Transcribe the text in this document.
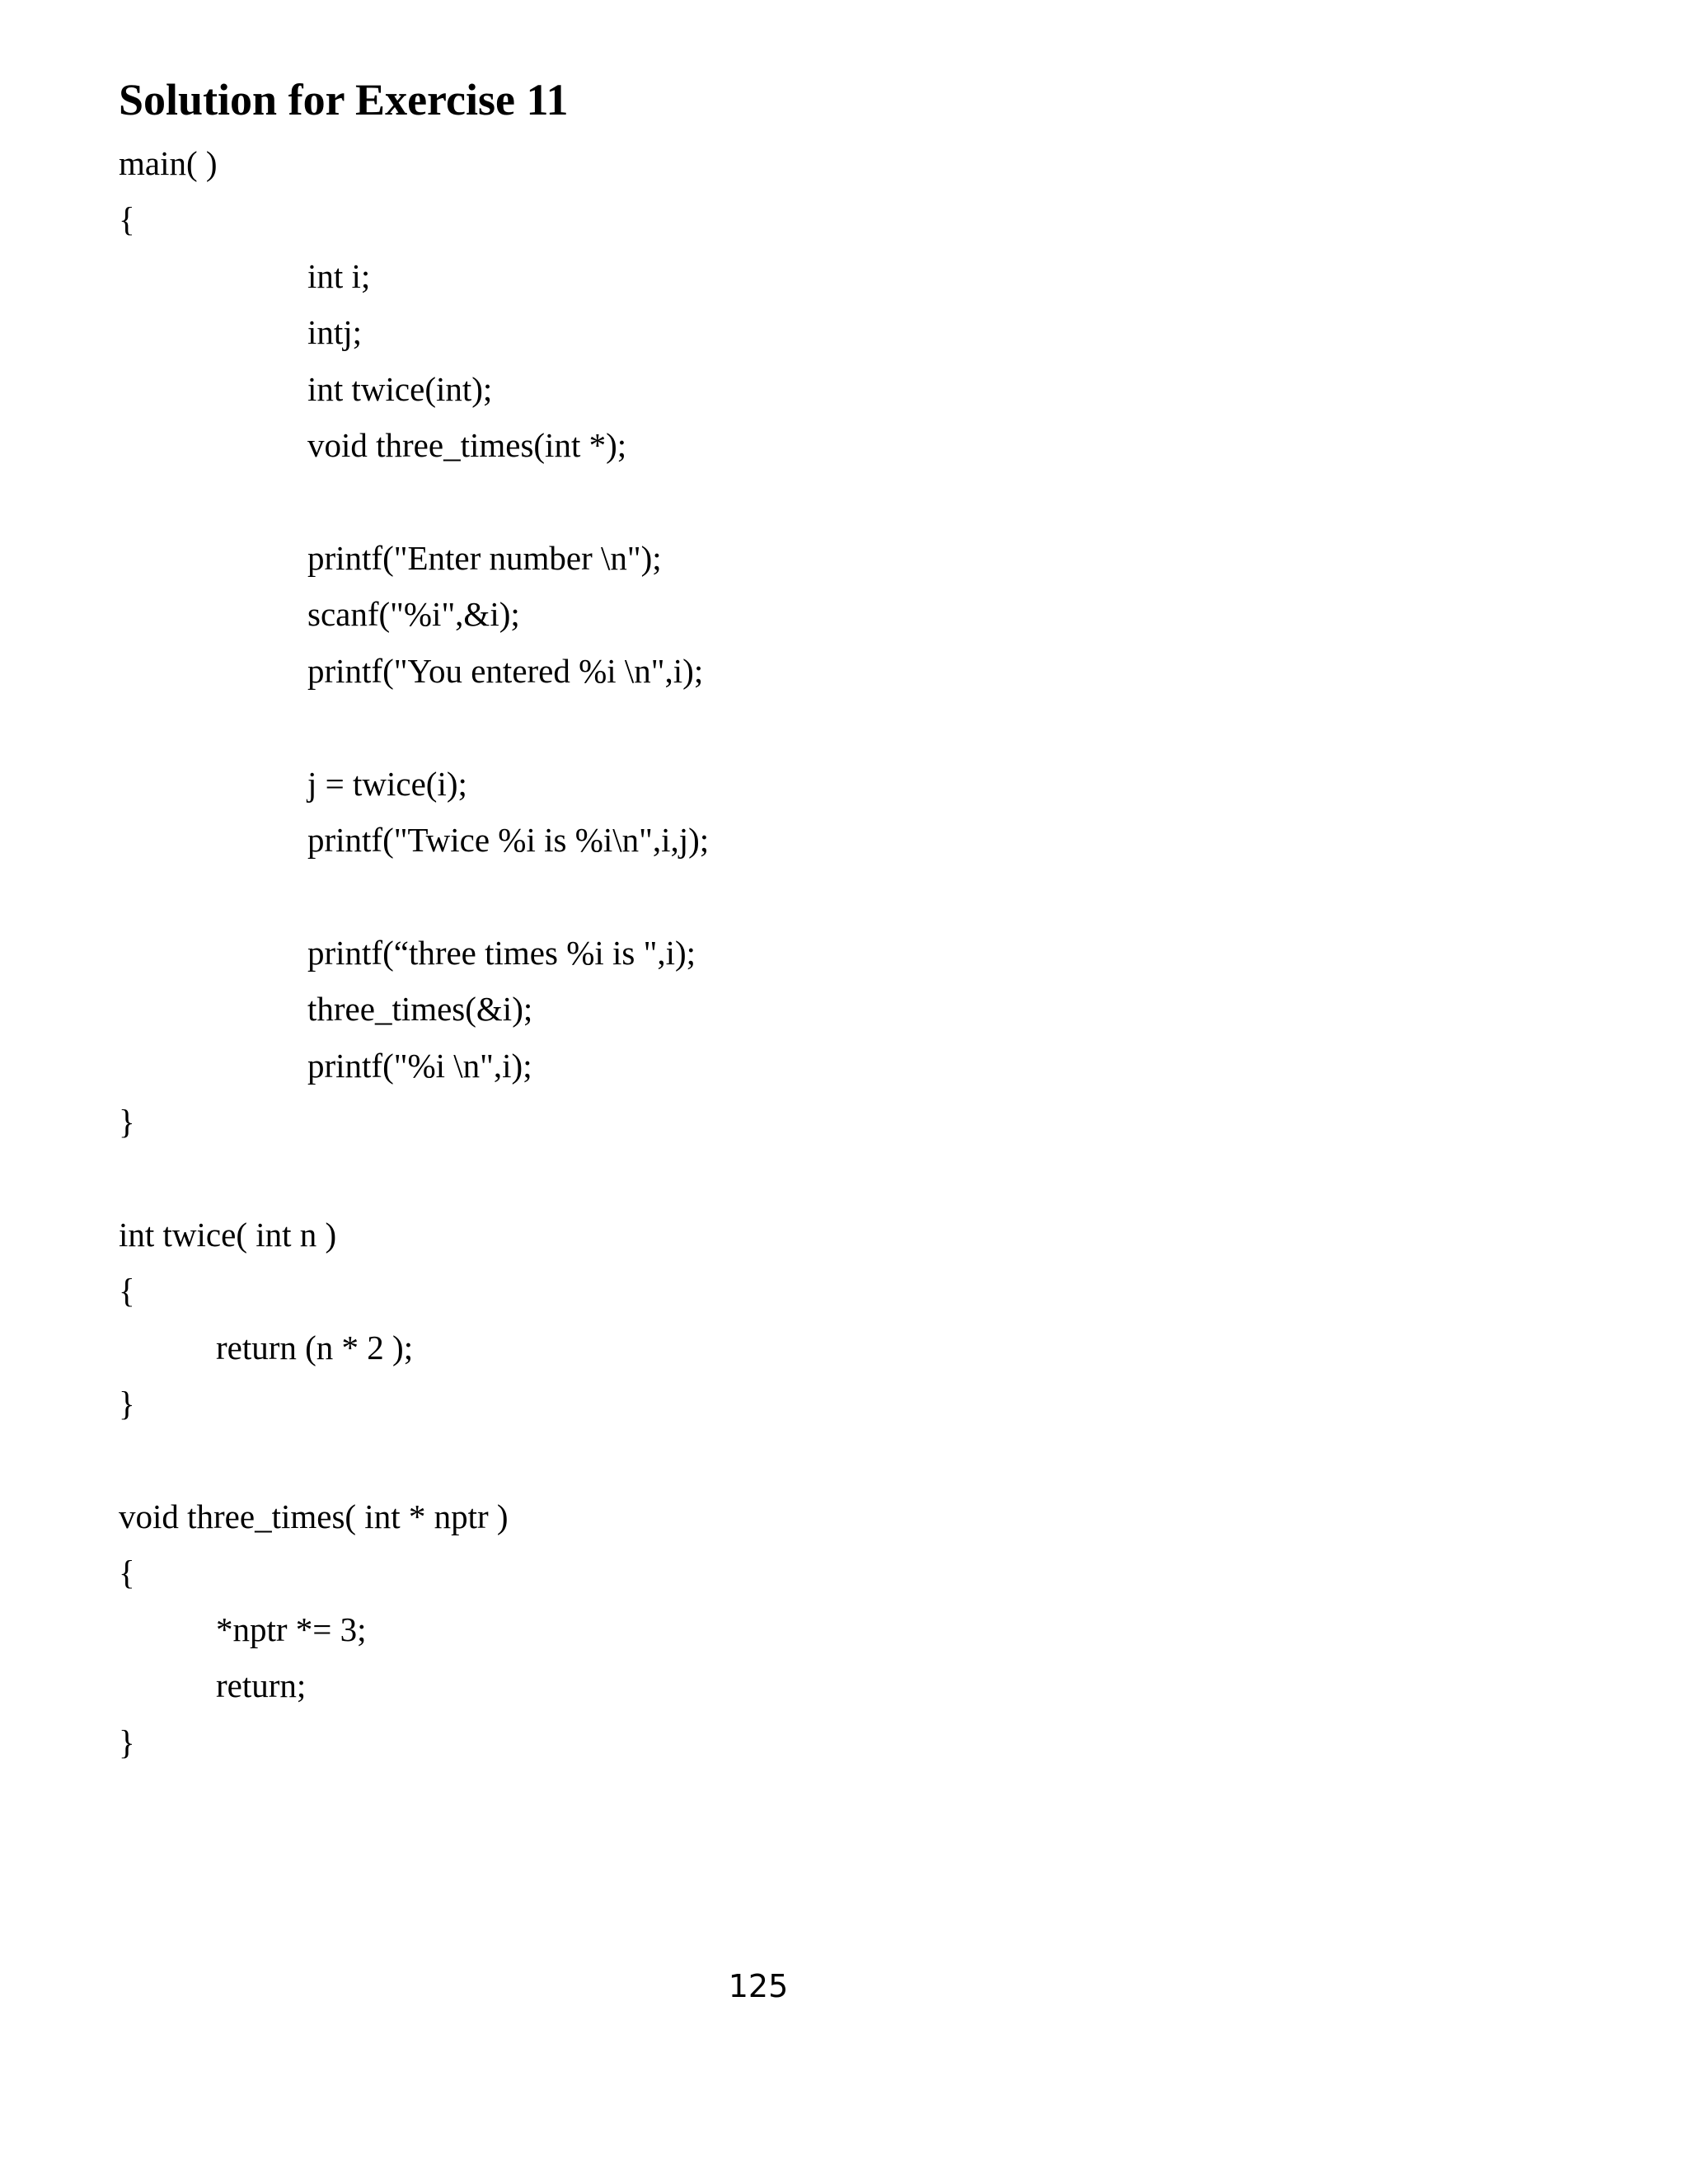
Solution for Exercise 11

main( )

{

int i;

intj;

int twice(int);

void three_times(int *);

printf("Enter number \n");

scanf("%i",&i);

printf("You entered %i \n",i);

j = twice(i);

printf("Twice %i is %i\n",i,j);

printf(“three times %i is ",i);

three_times(&i);

printf("%i \n",i);

}

int twice( int n )

{

return (n * 2 );

}

void three_times( int * nptr )

{

*nptr *= 3;

return;

}

125
